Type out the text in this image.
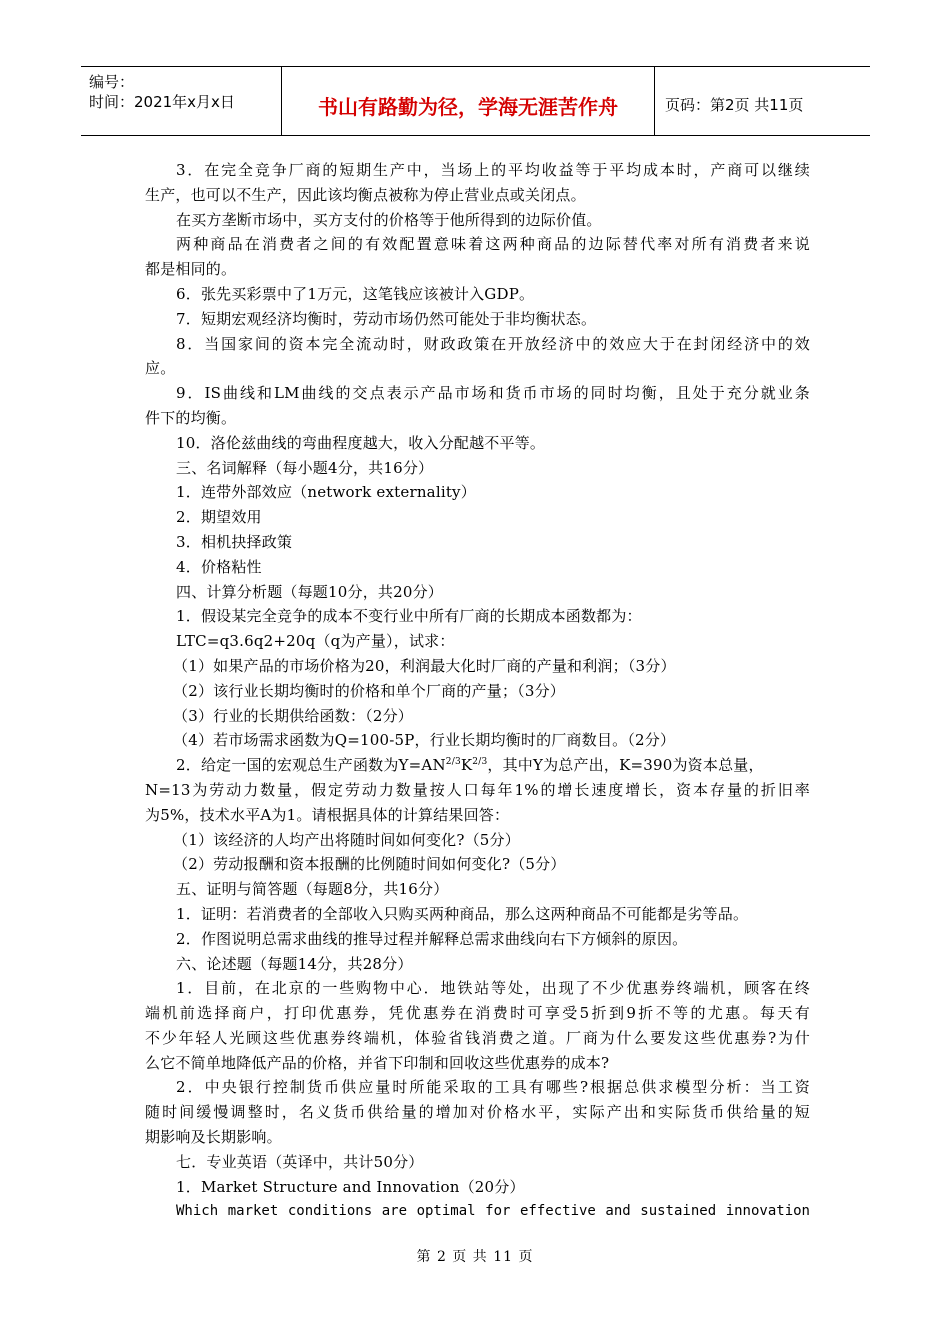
编号：
时间：2021年x月x日	书山有路勤为径，学海无涯苦作舟	页码：第2页 共11页
3．在完全竞争厂商的短期生产中，当场上的平均收益等于平均成本时，产商可以继续
生产，也可以不生产，因此该均衡点被称为停止营业点或关闭点。
在买方垄断市场中，买方支付的价格等于他所得到的边际价值。
两种商品在消费者之间的有效配置意味着这两种商品的边际替代率对所有消费者来说
都是相同的。
6．张先买彩票中了1万元，这笔钱应该被计入GDP。
7．短期宏观经济均衡时，劳动市场仍然可能处于非均衡状态。
8．当国家间的资本完全流动时，财政政策在开放经济中的效应大于在封闭经济中的效
应。
9．IS曲线和LM曲线的交点表示产品市场和货币市场的同时均衡，且处于充分就业条
件下的均衡。
10．洛伦兹曲线的弯曲程度越大，收入分配越不平等。
三、名词解释（每小题4分，共16分）
1．连带外部效应（network externality）
2．期望效用
3．相机抉择政策
4．价格粘性
四、计算分析题（每题10分，共20分）
1．假设某完全竞争的成本不变行业中所有厂商的长期成本函数都为：
LTC=q3.6q2+20q（q为产量），试求：
（1）如果产品的市场价格为20，利润最大化时厂商的产量和利润；（3分）
（2）该行业长期均衡时的价格和单个厂商的产量；（3分）
（3）行业的长期供给函数：（2分）
（4）若市场需求函数为Q=100-5P，行业长期均衡时的厂商数目。（2分）
2．给定一国的宏观总生产函数为$Y=AN^{2/3}K^{2/3}$，其中Y为总产出，K=390为资本总量，
N=13为劳动力数量，假定劳动力数量按人口每年1%的增长速度增长，资本存量的折旧率
为5%，技术水平A为1。请根据具体的计算结果回答：
（1）该经济的人均产出将随时间如何变化?（5分）
（2）劳动报酬和资本报酬的比例随时间如何变化?（5分）
五、证明与简答题（每题8分，共16分）
1．证明：若消费者的全部收入只购买两种商品，那么这两种商品不可能都是劣等品。
2．作图说明总需求曲线的推导过程并解释总需求曲线向右下方倾斜的原因。
六、论述题（每题14分，共28分）
1．目前，在北京的一些购物中心．地铁站等处，出现了不少优惠券终端机，顾客在终
端机前选择商户，打印优惠券，凭优惠券在消费时可享受5折到9折不等的尤惠。每天有
不少年轻人光顾这些优惠券终端机，体验省钱消费之道。厂商为什么要发这些优惠券?为什
么它不简单地降低产品的价格，并省下印制和回收这些优惠券的成本?
2．中央银行控制货币供应量时所能采取的工具有哪些?根据总供求模型分析：当工资
随时间缓慢调整时，名义货币供给量的增加对价格水平，实际产出和实际货币供给量的短
期影响及长期影响。
七．专业英语（英译中，共计50分）
1．Market Structure and Innovation（20分）
Which market conditions are optimal for effective and sustained innovation
第 2 页 共 11 页
